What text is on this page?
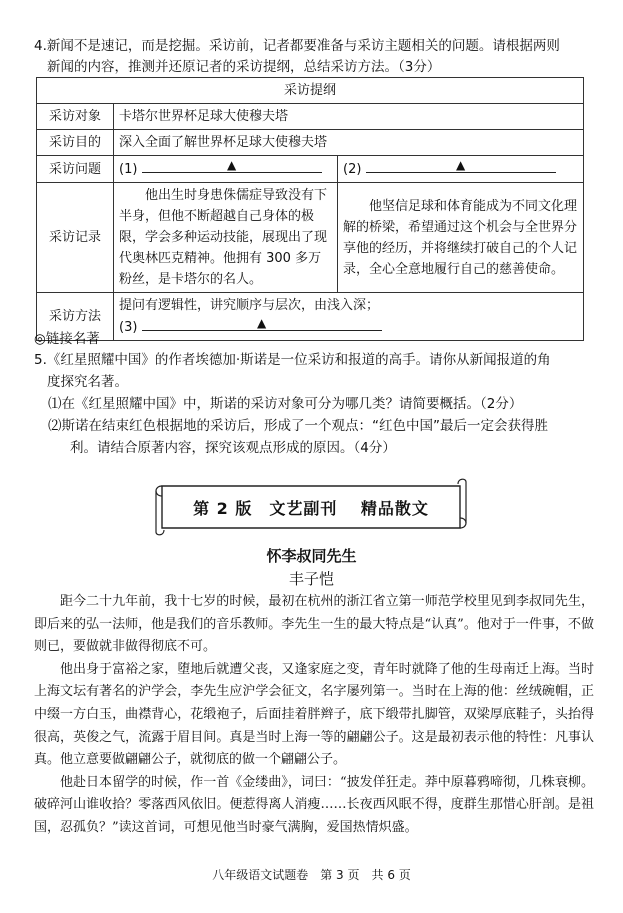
4.新闻不是速记，而是挖掘。采访前，记者都要准备与采访主题相关的问题。请根据两则
新闻的内容，推测并还原记者的采访提纲，总结采访方法。（3分）
采访提纲		
采访对象	卡塔尔世界杯足球大使穆夫塔	
采访目的	深入全面了解世界杯足球大使穆夫塔	
采访问题	(1) ▲	(2) ▲

采访记录	他出生时身患侏儒症导致没有下半身，但他不断超越自己身体的极限，学会多种运动技能，展现出了现代奥林匹克精神。他拥有 300 多万粉丝，是卡塔尔的名人。	他坚信足球和体育能成为不同文化理解的桥梁，希望通过这个机会与全世界分享他的经历，并将继续打破自己的个人记录，全心全意地履行自己的慈善使命。
采访方法	提问有逻辑性，讲究顺序与层次，由浅入深；
(3) ▲	
◎链接名著
5.《红星照耀中国》的作者埃德加·斯诺是一位采访和报道的高手。请你从新闻报道的角
度探究名著。
⑴在《红星照耀中国》中，斯诺的采访对象可分为哪几类？请简要概括。（2分）
⑵斯诺在结束红色根据地的采访后，形成了一个观点：“红色中国”最后一定会获得胜
利。请结合原著内容，探究该观点形成的原因。（4分）
第 2 版　文艺副刊　 精品散文
怀李叔同先生
丰子恺

距今二十九年前，我十七岁的时候，最初在杭州的浙江省立第一师范学校里见到李叔同先生，即后来的弘一法师，他是我们的音乐教师。李先生一生的最大特点是“认真”。他对于一件事，不做则已，要做就非做得彻底不可。

他出身于富裕之家，堕地后就遭父丧，又逢家庭之变，青年时就降了他的生母南迁上海。当时上海文坛有著名的沪学会，李先生应沪学会征文，名字屡列第一。当时在上海的他：丝绒碗帽，正中缀一方白玉，曲襟背心，花缎袍子，后面挂着胖辫子，底下缎带扎脚管，双梁厚底鞋子，头抬得很高，英俊之气，流露于眉目间。真是当时上海一等的翩翩公子。这是最初表示他的特性：凡事认真。他立意要做翩翩公子，就彻底的做一个翩翩公子。

他赴日本留学的时候，作一首《金缕曲》，词曰：“披发佯狂走。莽中原暮鸦啼彻，几株衰柳。破碎河山谁收拾？零落西风依旧。便惹得离人消瘦……长夜西风眠不得，度群生那惜心肝剖。是祖国，忍孤负？”读这首词，可想见他当时豪气满胸，爱国热情炽盛。

八年级语文试题卷　第 3 页　共 6 页
